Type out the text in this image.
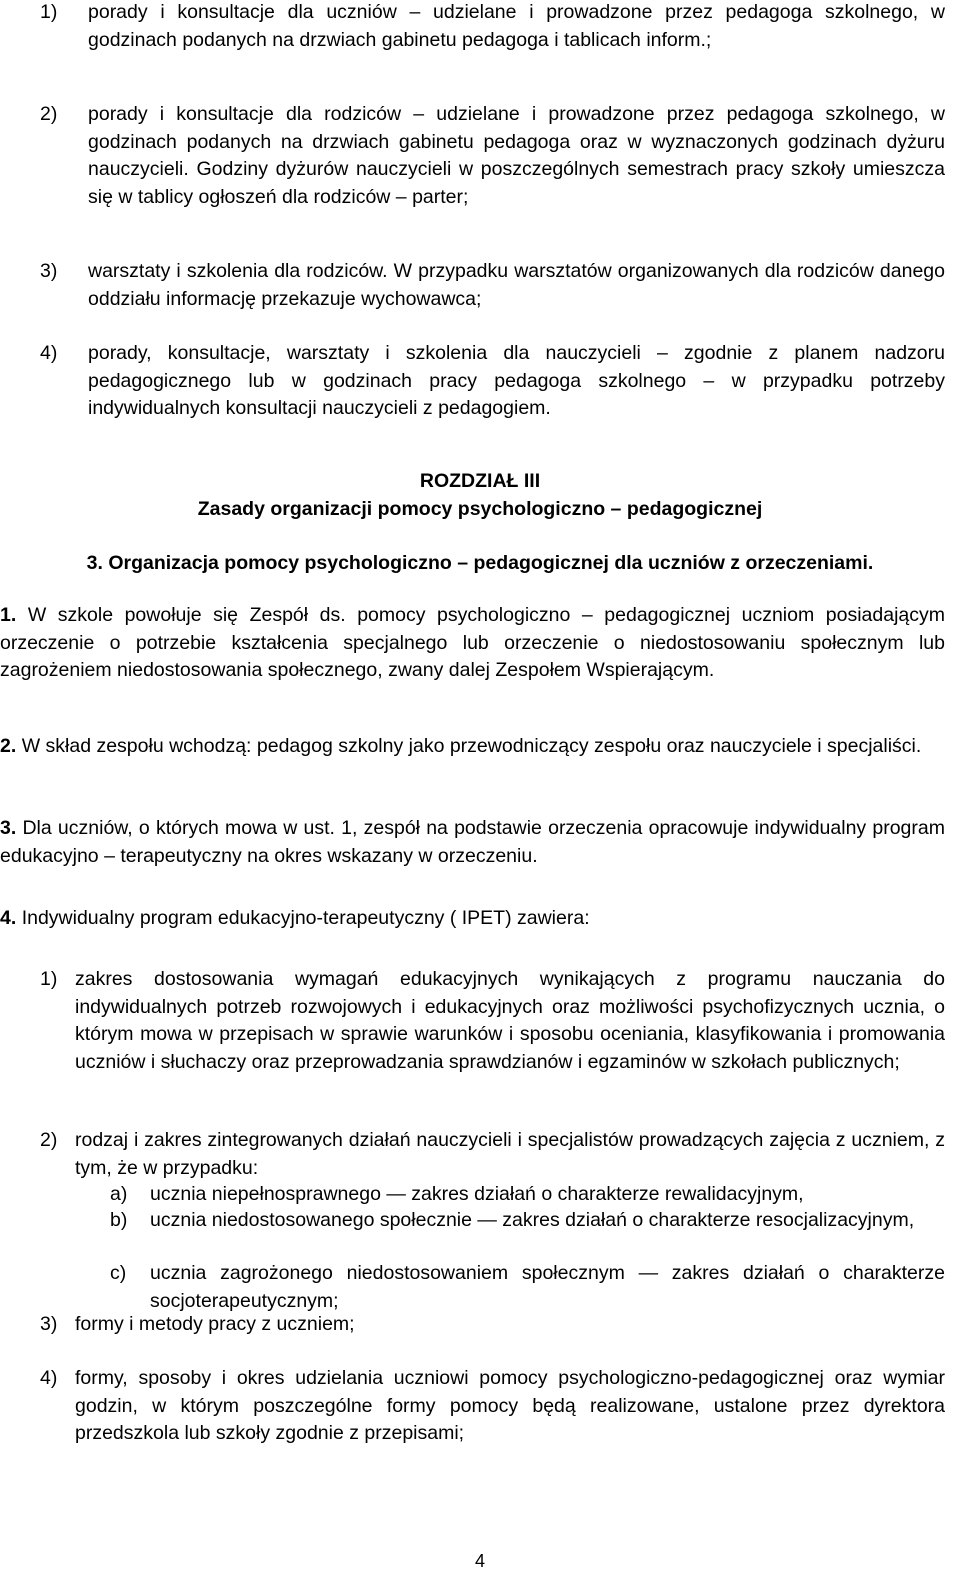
1) porady i konsultacje dla uczniów – udzielane i prowadzone przez pedagoga szkolnego, w godzinach podanych na drzwiach gabinetu pedagoga i tablicach inform.;
2) porady i konsultacje dla rodziców – udzielane i prowadzone przez pedagoga szkolnego, w godzinach podanych na drzwiach gabinetu pedagoga oraz w wyznaczonych godzinach dyżuru nauczycieli. Godziny dyżurów nauczycieli w poszczególnych semestrach pracy szkoły umieszcza się w tablicy ogłoszeń dla rodziców – parter;
3) warsztaty i szkolenia dla rodziców. W przypadku warsztatów organizowanych dla rodziców danego oddziału informację przekazuje wychowawca;
4) porady, konsultacje, warsztaty i szkolenia dla nauczycieli – zgodnie z planem nadzoru pedagogicznego lub w godzinach pracy pedagoga szkolnego – w przypadku potrzeby indywidualnych konsultacji nauczycieli z pedagogiem.
ROZDZIAŁ III
Zasady organizacji pomocy psychologiczno – pedagogicznej
3. Organizacja pomocy psychologiczno – pedagogicznej dla uczniów z orzeczeniami.
1. W szkole powołuje się Zespół ds. pomocy psychologiczno – pedagogicznej uczniom posiadającym orzeczenie o potrzebie kształcenia specjalnego lub orzeczenie o niedostosowaniu społecznym lub zagrożeniem niedostosowania społecznego, zwany dalej Zespołem Wspierającym.
2. W skład zespołu wchodzą: pedagog szkolny jako przewodniczący zespołu oraz nauczyciele i specjaliści.
3. Dla uczniów, o których mowa w ust. 1, zespół na podstawie orzeczenia opracowuje indywidualny program edukacyjno – terapeutyczny na okres wskazany w orzeczeniu.
4. Indywidualny program edukacyjno-terapeutyczny ( IPET) zawiera:
1) zakres dostosowania wymagań edukacyjnych wynikających z programu nauczania do indywidualnych potrzeb rozwojowych i edukacyjnych oraz możliwości psychofizycznych ucznia, o którym mowa w przepisach w sprawie warunków i sposobu oceniania, klasyfikowania i promowania uczniów i słuchaczy oraz przeprowadzania sprawdzianów i egzaminów w szkołach publicznych;
2) rodzaj i zakres zintegrowanych działań nauczycieli i specjalistów prowadzących zajęcia z uczniem, z tym, że w przypadku:
a) ucznia niepełnosprawnego — zakres działań o charakterze rewalidacyjnym,
b) ucznia niedostosowanego społecznie — zakres działań o charakterze resocjalizacyjnym,
c) ucznia zagrożonego niedostosowaniem społecznym — zakres działań o charakterze socjoterapeutycznym;
3) formy i metody pracy z uczniem;
4) formy, sposoby i okres udzielania uczniowi pomocy psychologiczno-pedagogicznej oraz wymiar godzin, w którym poszczególne formy pomocy będą realizowane, ustalone przez dyrektora przedszkola lub szkoły zgodnie z przepisami;
4
